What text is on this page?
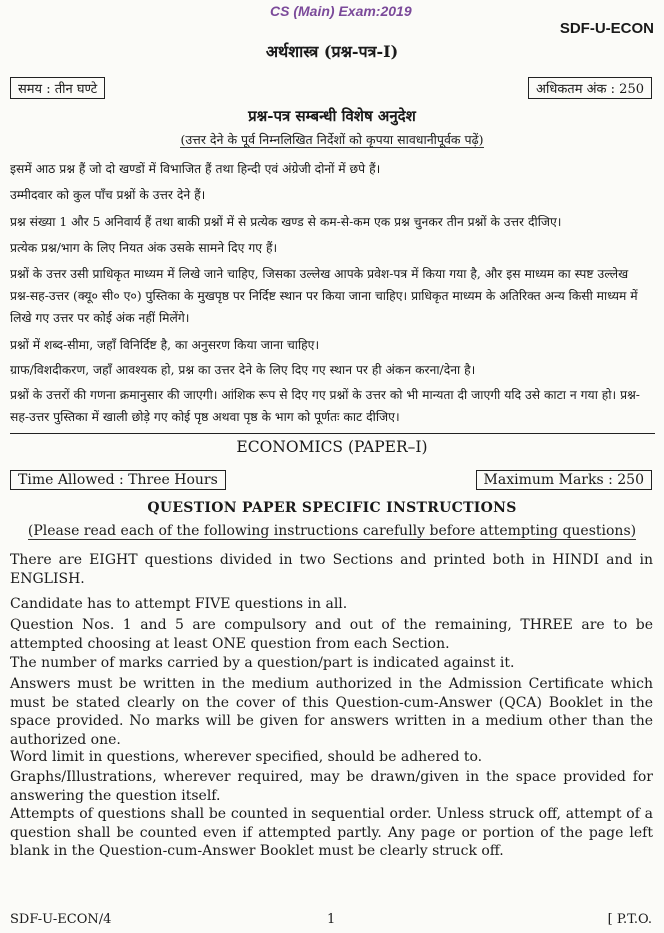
CS (Main) Exam:2019
SDF-U-ECON
अर्थशास्त्र (प्रश्न-पत्र-I)
समय : तीन घण्टे	अधिकतम अंक : 250
प्रश्न-पत्र सम्बन्धी विशेष अनुदेश
(उत्तर देने के पूर्व निम्नलिखित निर्देशों को कृपया सावधानीपूर्वक पढ़ें)
इसमें आठ प्रश्न हैं जो दो खण्डों में विभाजित हैं तथा हिन्दी एवं अंग्रेजी दोनों में छपे हैं।
उम्मीदवार को कुल पाँच प्रश्नों के उत्तर देने हैं।
प्रश्न संख्या 1 और 5 अनिवार्य हैं तथा बाकी प्रश्नों में से प्रत्येक खण्ड से कम-से-कम एक प्रश्न चुनकर तीन प्रश्नों के उत्तर दीजिए।
प्रत्येक प्रश्न/भाग के लिए नियत अंक उसके सामने दिए गए हैं।
प्रश्नों के उत्तर उसी प्राधिकृत माध्यम में लिखे जाने चाहिए, जिसका उल्लेख आपके प्रवेश-पत्र में किया गया है, और इस माध्यम का स्पष्ट उल्लेख प्रश्न-सह-उत्तर (क्यू० सी० ए०) पुस्तिका के मुखपृष्ठ पर निर्दिष्ट स्थान पर किया जाना चाहिए। प्राधिकृत माध्यम के अतिरिक्त अन्य किसी माध्यम में लिखे गए उत्तर पर कोई अंक नहीं मिलेंगे।
प्रश्नों में शब्द-सीमा, जहाँ विनिर्दिष्ट है, का अनुसरण किया जाना चाहिए।
ग्राफ/विशदीकरण, जहाँ आवश्यक हो, प्रश्न का उत्तर देने के लिए दिए गए स्थान पर ही अंकन करना/देना है।
प्रश्नों के उत्तरों की गणना क्रमानुसार की जाएगी। आंशिक रूप से दिए गए प्रश्नों के उत्तर को भी मान्यता दी जाएगी यदि उसे काटा न गया हो। प्रश्न-सह-उत्तर पुस्तिका में खाली छोड़े गए कोई पृष्ठ अथवा पृष्ठ के भाग को पूर्णतः काट दीजिए।
ECONOMICS (PAPER–I)
Time Allowed : Three Hours	Maximum Marks : 250
QUESTION PAPER SPECIFIC INSTRUCTIONS
(Please read each of the following instructions carefully before attempting questions)
There are EIGHT questions divided in two Sections and printed both in HINDI and in ENGLISH.
Candidate has to attempt FIVE questions in all.
Question Nos. 1 and 5 are compulsory and out of the remaining, THREE are to be attempted choosing at least ONE question from each Section.
The number of marks carried by a question/part is indicated against it.
Answers must be written in the medium authorized in the Admission Certificate which must be stated clearly on the cover of this Question-cum-Answer (QCA) Booklet in the space provided. No marks will be given for answers written in a medium other than the authorized one.
Word limit in questions, wherever specified, should be adhered to.
Graphs/Illustrations, wherever required, may be drawn/given in the space provided for answering the question itself.
Attempts of questions shall be counted in sequential order. Unless struck off, attempt of a question shall be counted even if attempted partly. Any page or portion of the page left blank in the Question-cum-Answer Booklet must be clearly struck off.
SDF-U-ECON/4	1	[ P.T.O.
